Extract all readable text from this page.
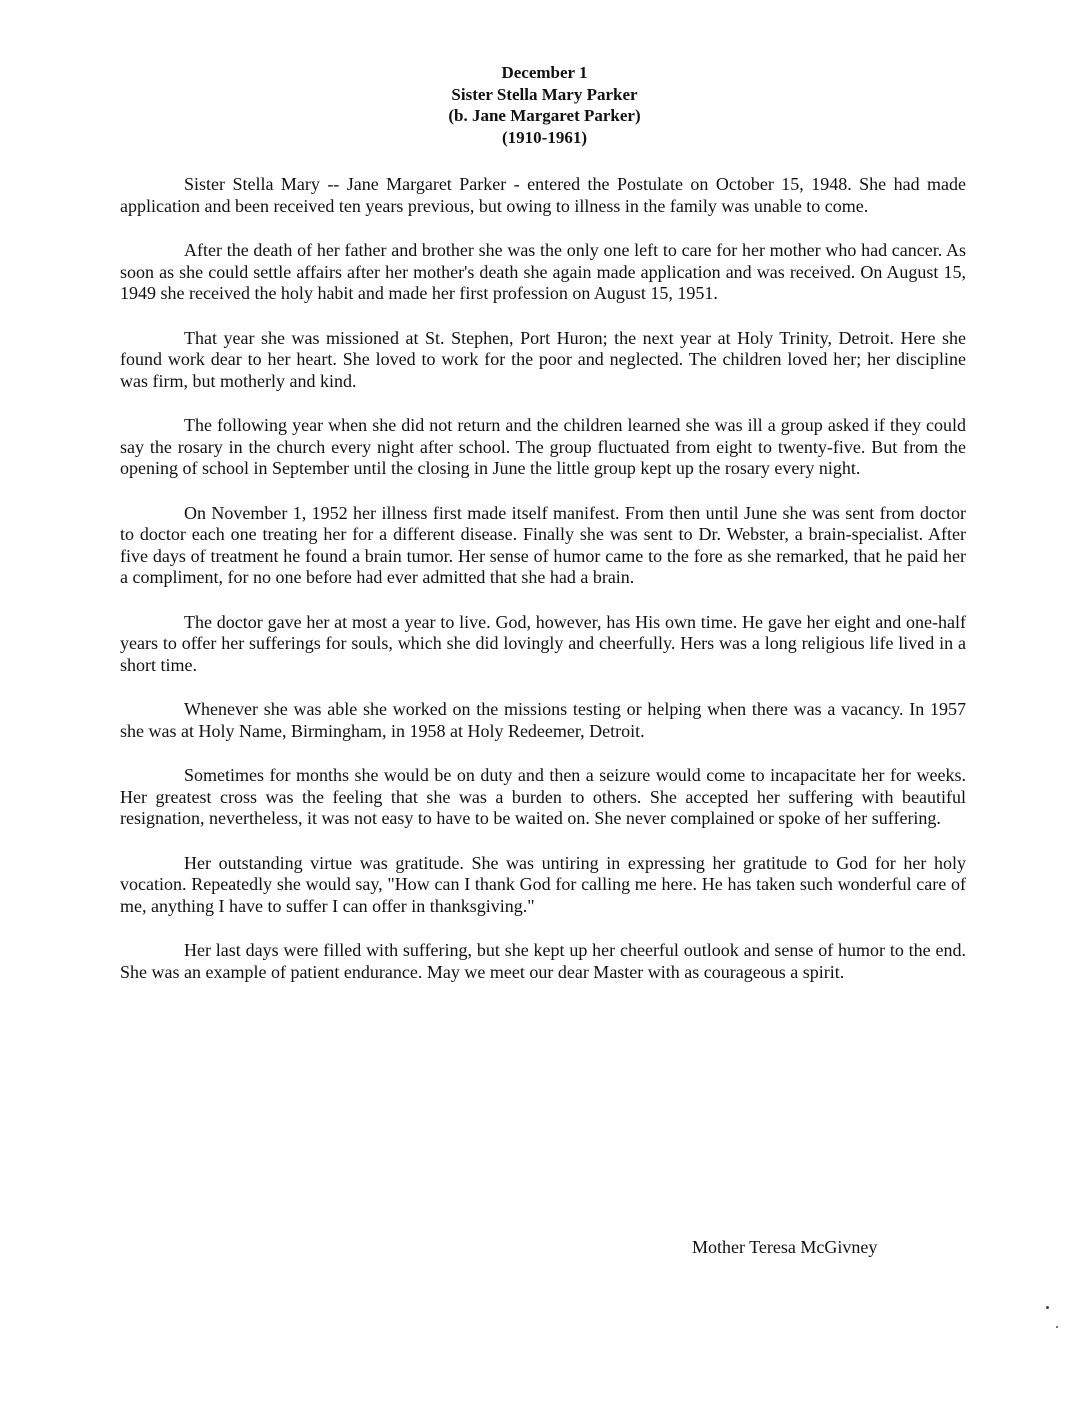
December 1
Sister Stella Mary Parker
(b. Jane Margaret Parker)
(1910-1961)

Sister Stella Mary -- Jane Margaret Parker - entered the Postulate on October 15, 1948. She had made application and been received ten years previous, but owing to illness in the family was unable to come.

After the death of her father and brother she was the only one left to care for her mother who had cancer. As soon as she could settle affairs after her mother's death she again made application and was received. On August 15, 1949 she received the holy habit and made her first profession on August 15, 1951.

That year she was missioned at St. Stephen, Port Huron; the next year at Holy Trinity, Detroit. Here she found work dear to her heart. She loved to work for the poor and neglected. The children loved her; her discipline was firm, but motherly and kind.

The following year when she did not return and the children learned she was ill a group asked if they could say the rosary in the church every night after school. The group fluctuated from eight to twenty-five. But from the opening of school in September until the closing in June the little group kept up the rosary every night.

On November 1, 1952 her illness first made itself manifest. From then until June she was sent from doctor to doctor each one treating her for a different disease. Finally she was sent to Dr. Webster, a brain-specialist. After five days of treatment he found a brain tumor. Her sense of humor came to the fore as she remarked, that he paid her a compliment, for no one before had ever admitted that she had a brain.

The doctor gave her at most a year to live. God, however, has His own time. He gave her eight and one-half years to offer her sufferings for souls, which she did lovingly and cheerfully. Hers was a long religious life lived in a short time.

Whenever she was able she worked on the missions testing or helping when there was a vacancy. In 1957 she was at Holy Name, Birmingham, in 1958 at Holy Redeemer, Detroit.

Sometimes for months she would be on duty and then a seizure would come to incapacitate her for weeks. Her greatest cross was the feeling that she was a burden to others. She accepted her suffering with beautiful resignation, nevertheless, it was not easy to have to be waited on. She never complained or spoke of her suffering.

Her outstanding virtue was gratitude. She was untiring in expressing her gratitude to God for her holy vocation. Repeatedly she would say, "How can I thank God for calling me here. He has taken such wonderful care of me, anything I have to suffer I can offer in thanksgiving."

Her last days were filled with suffering, but she kept up her cheerful outlook and sense of humor to the end. She was an example of patient endurance. May we meet our dear Master with as courageous a spirit.

Mother Teresa McGivney
